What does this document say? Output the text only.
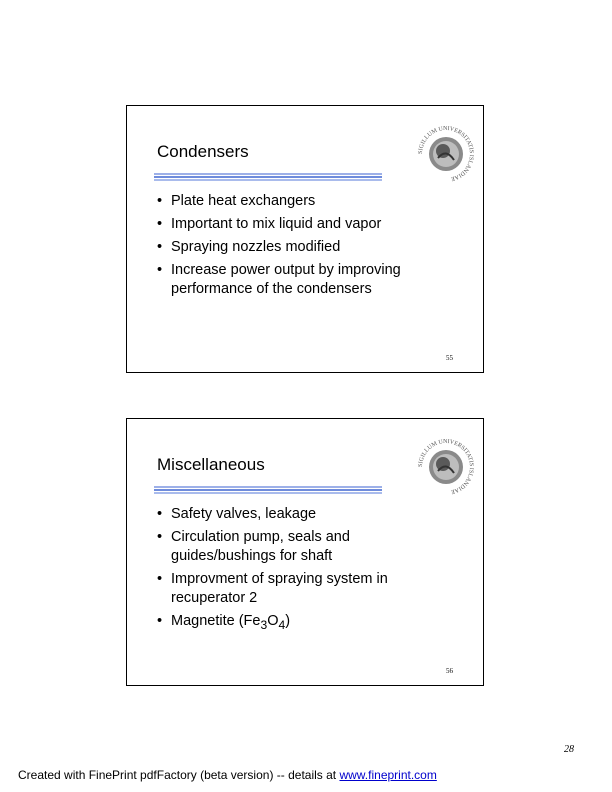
Condensers	SIGILLUM UNIVERSITATIS ISLANDIAE
• Plate heat exchangers
• Important to mix liquid and vapor
• Spraying nozzles modified
• Increase power output by improving performance of the condensers
55
Miscellaneous	SIGILLUM UNIVERSITATIS ISLANDIAE
• Safety valves, leakage
• Circulation pump, seals and guides/bushings for shaft
• Improvment of spraying system in recuperator 2
• Magnetite $(Fe_3O_4)$
56
28
Created with FinePrint pdfFactory (beta version) -- details at www.fineprint.com
